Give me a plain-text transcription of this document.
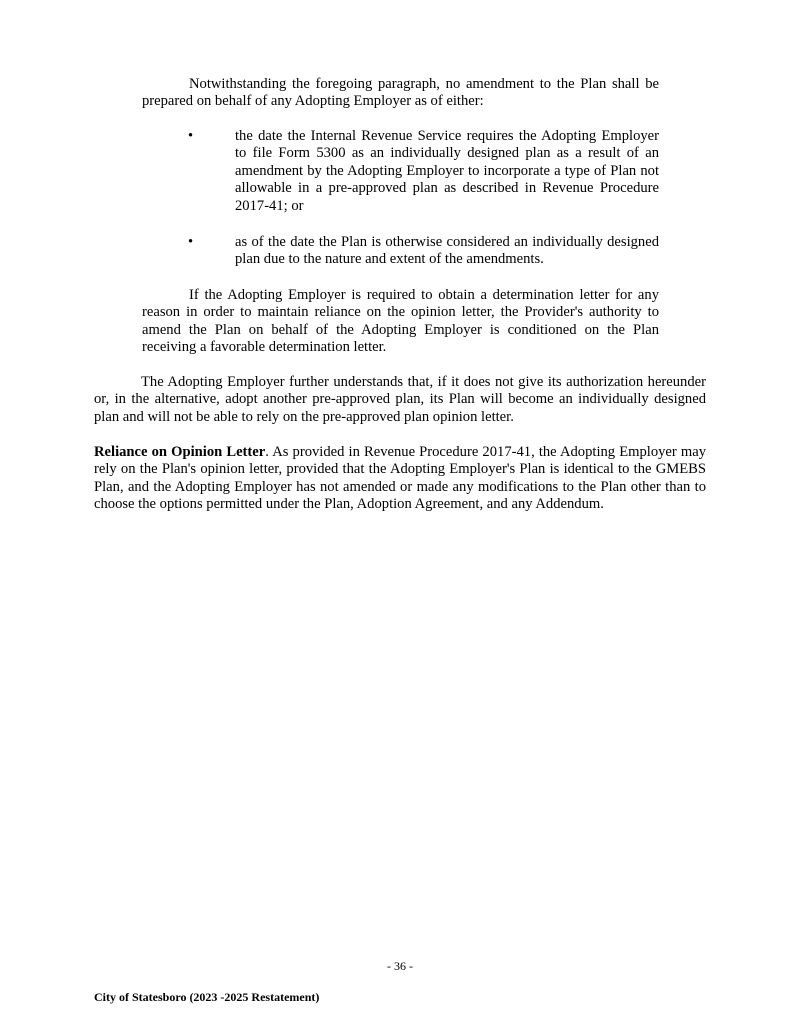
Notwithstanding the foregoing paragraph, no amendment to the Plan shall be prepared on behalf of any Adopting Employer as of either:

•	the date the Internal Revenue Service requires the Adopting Employer to file Form 5300 as an individually designed plan as a result of an amendment by the Adopting Employer to incorporate a type of Plan not allowable in a pre-approved plan as described in Revenue Procedure 2017-41; or

•	as of the date the Plan is otherwise considered an individually designed plan due to the nature and extent of the amendments.

If the Adopting Employer is required to obtain a determination letter for any reason in order to maintain reliance on the opinion letter, the Provider's authority to amend the Plan on behalf of the Adopting Employer is conditioned on the Plan receiving a favorable determination letter.

The Adopting Employer further understands that, if it does not give its authorization hereunder or, in the alternative, adopt another pre-approved plan, its Plan will become an individually designed plan and will not be able to rely on the pre-approved plan opinion letter.

Reliance on Opinion Letter. As provided in Revenue Procedure 2017-41, the Adopting Employer may rely on the Plan's opinion letter, provided that the Adopting Employer's Plan is identical to the GMEBS Plan, and the Adopting Employer has not amended or made any modifications to the Plan other than to choose the options permitted under the Plan, Adoption Agreement, and any Addendum.

- 36 -
City of Statesboro (2023 -2025 Restatement)
